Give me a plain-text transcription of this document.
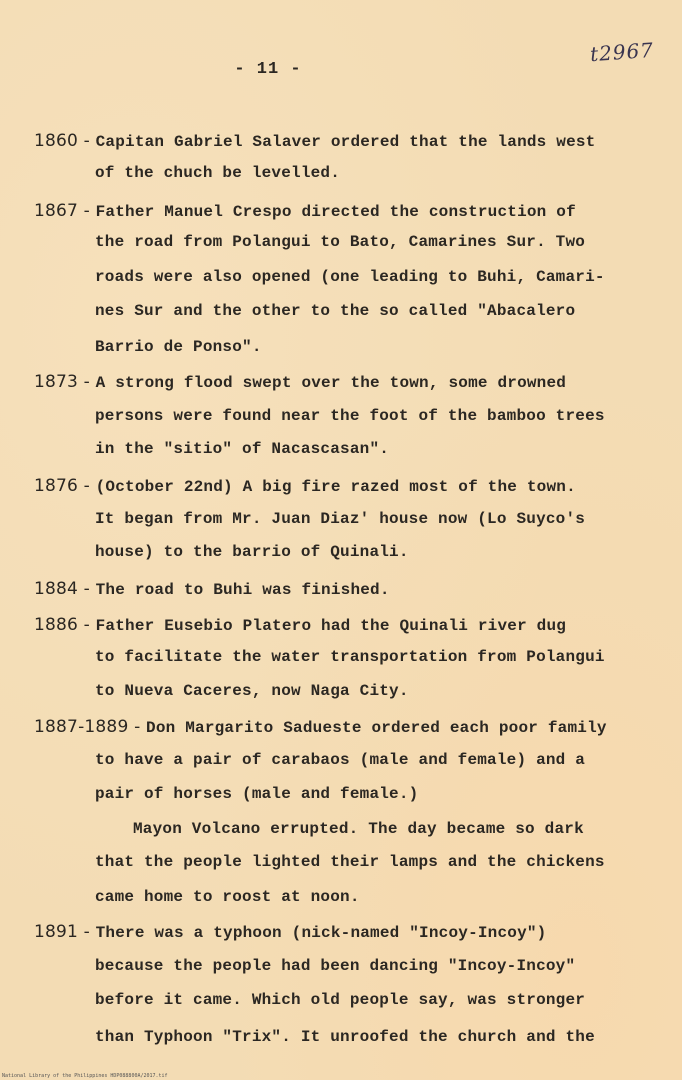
- 11 -
t2967
1860 - Capitan Gabriel Salaver ordered that the lands west
of the chuch be levelled.
1867 - Father Manuel Crespo directed the construction of
the road from Polangui to Bato, Camarines Sur. Two
roads were also opened (one leading to Buhi, Camari-
nes Sur and the other to the so called "Abacalero
Barrio de Ponso".
1873 - A strong flood swept over the town, some drowned
persons were found near the foot of the bamboo trees
in the "sitio" of Nacascasan".
1876 - (October 22nd) A big fire razed most of the town.
It began from Mr. Juan Diaz' house now (Lo Suyco's
house) to the barrio of Quinali.
1884 - The road to Buhi was finished.
1886 - Father Eusebio Platero had the Quinali river dug
to facilitate the water transportation from Polangui
to Nueva Caceres, now Naga City.
1887-1889 - Don Margarito Sadueste ordered each poor family
to have a pair of carabaos (male and female) and a
pair of horses (male and female.)
Mayon Volcano errupted. The day became so dark
that the people lighted their lamps and the chickens
came home to roost at noon.
1891 - There was a typhoon (nick-named "Incoy-Incoy")
because the people had been dancing "Incoy-Incoy"
before it came. Which old people say, was stronger
than Typhoon "Trix". It unroofed the church and the
National Library of the Philippines HDP088800A/2017.tif
